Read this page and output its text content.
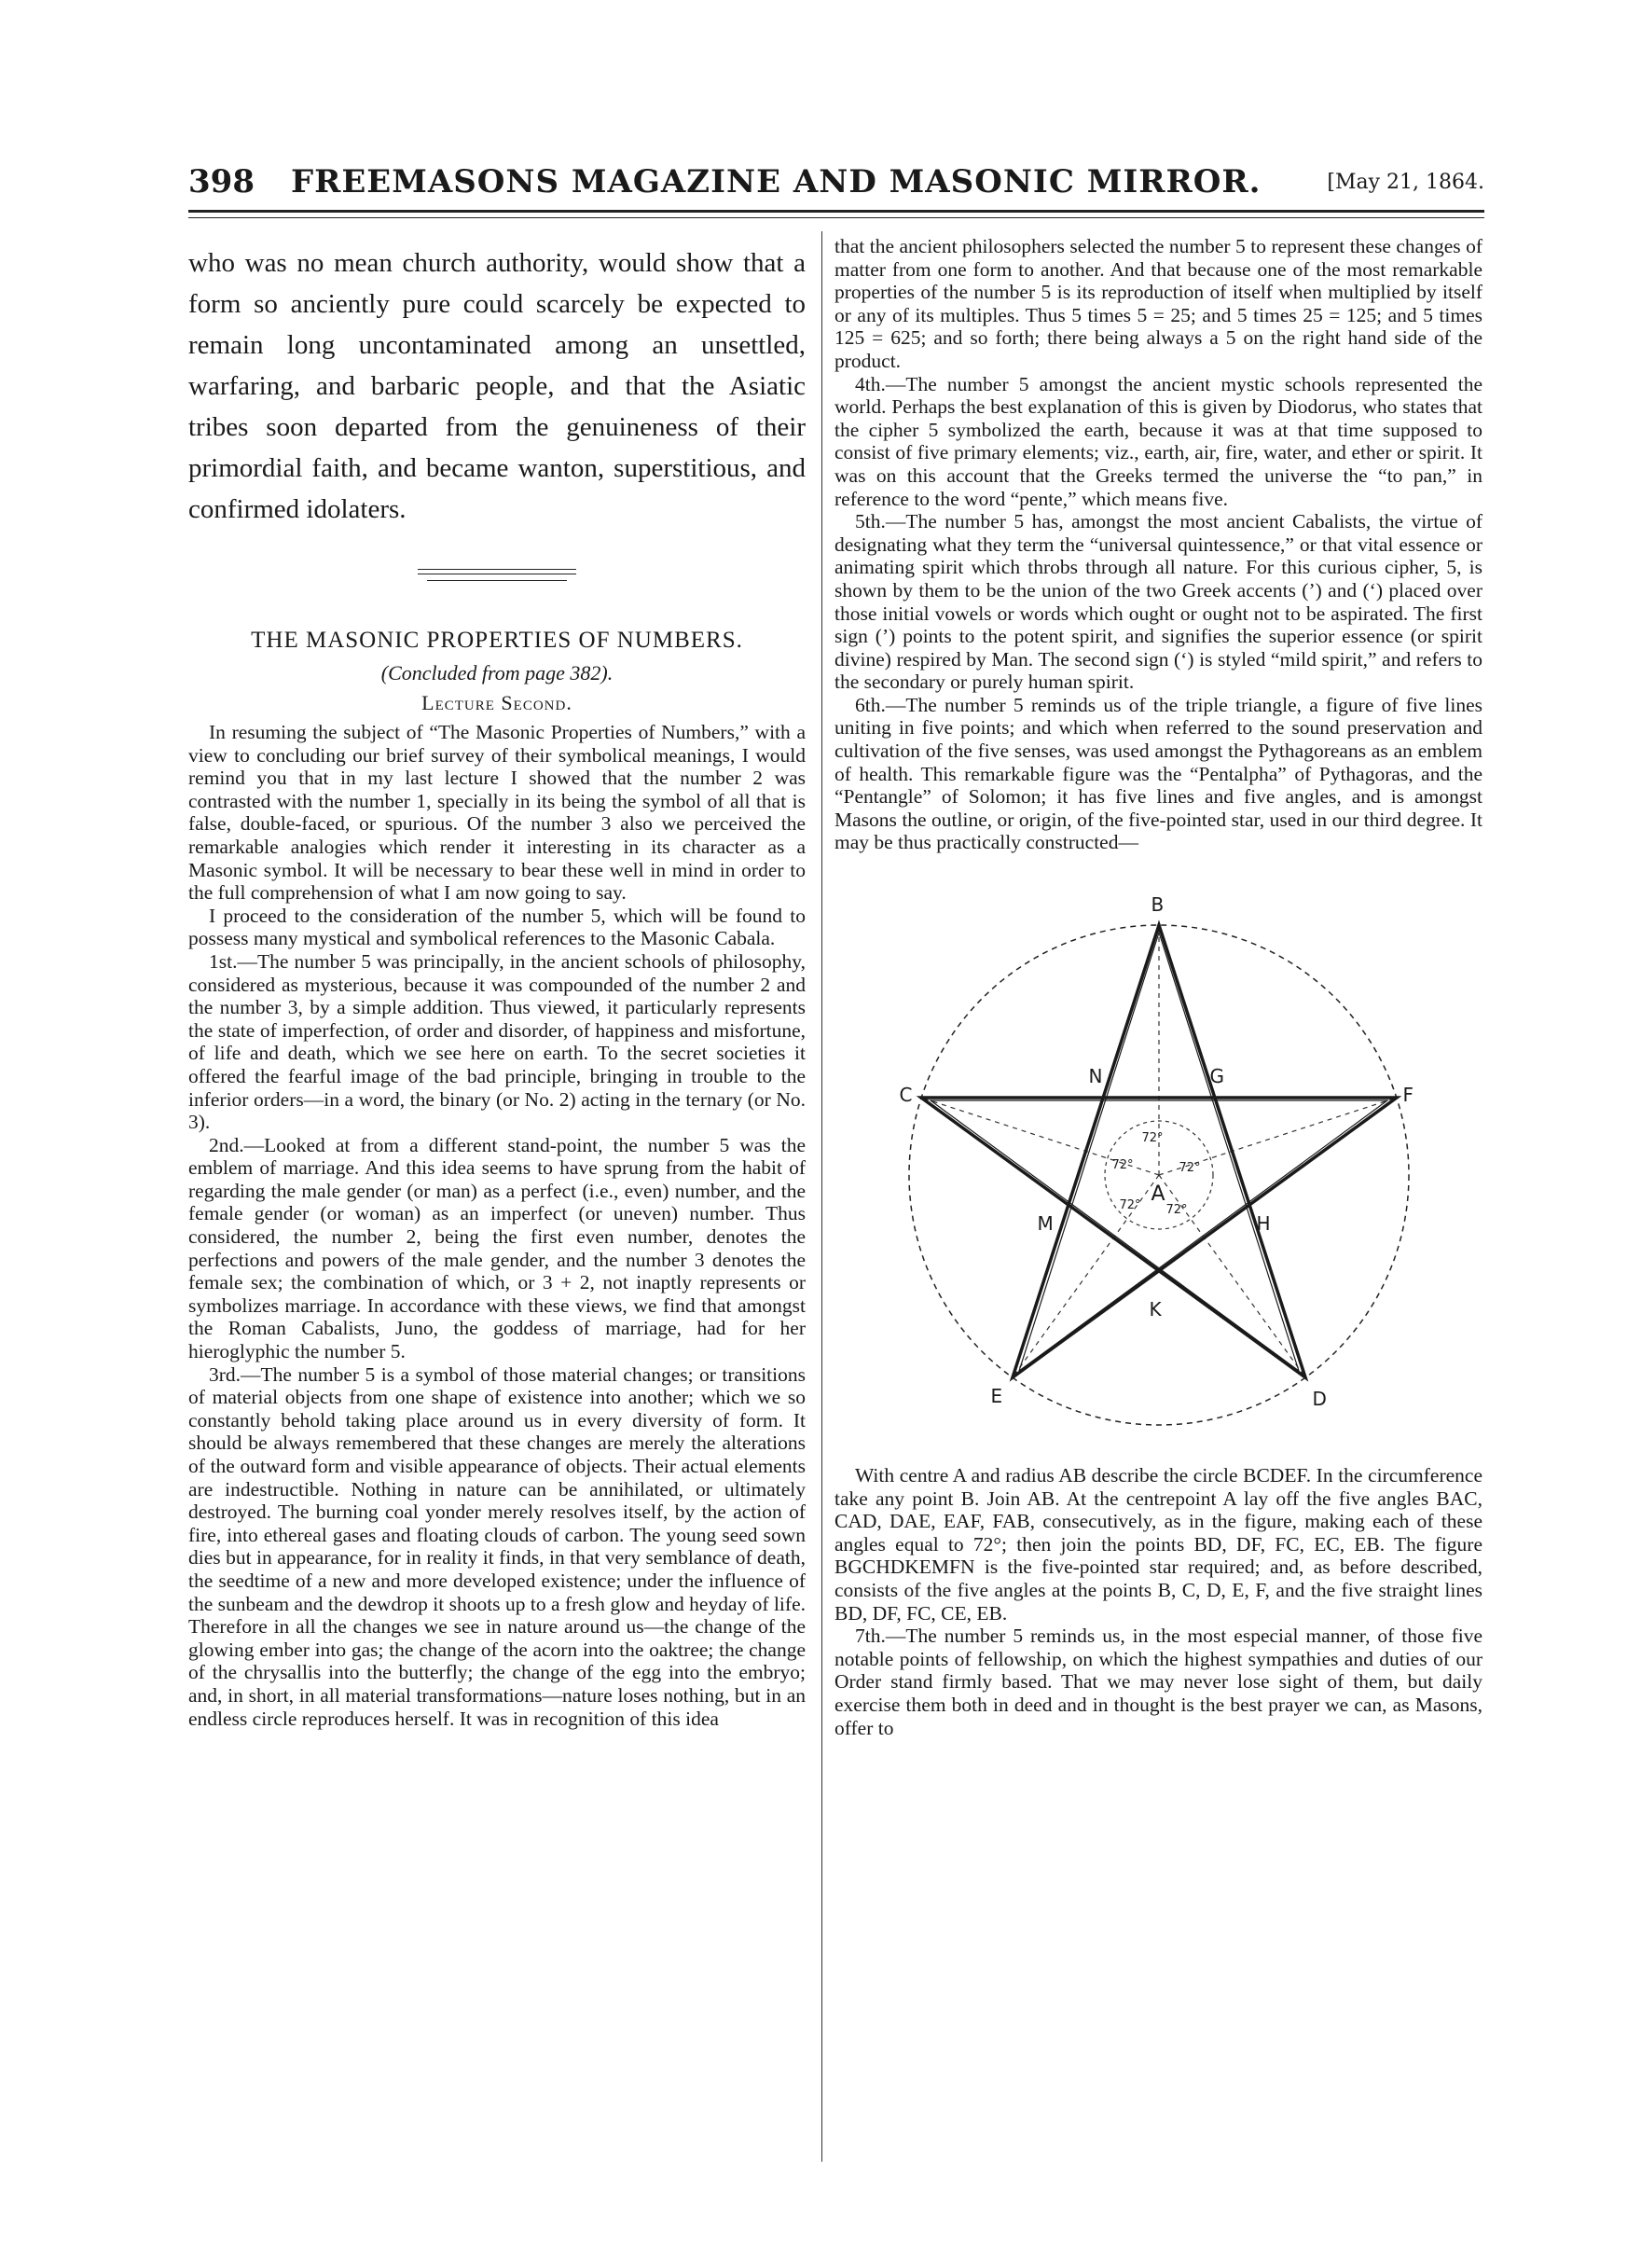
398 FREEMASONS MAGAZINE AND MASONIC MIRROR.	[May 21, 1864.

who was no mean church authority, would show that a form so anciently pure could scarcely be expected to remain long uncontaminated among an unsettled, warfaring, and barbaric people, and that the Asiatic tribes soon departed from the genuineness of their primordial faith, and became wanton, superstitious, and confirmed idolaters.

THE MASONIC PROPERTIES OF NUMBERS.
(Concluded from page 382).
Lecture Second.

In resuming the subject of “The Masonic Properties of Numbers,” with a view to concluding our brief survey of their symbolical meanings, I would remind you that in my last lecture I showed that the number 2 was contrasted with the number 1, specially in its being the symbol of all that is false, double-faced, or spurious. Of the number 3 also we perceived the remarkable analogies which render it interesting in its character as a Masonic symbol. It will be necessary to bear these well in mind in order to the full comprehension of what I am now going to say.

I proceed to the consideration of the number 5, which will be found to possess many mystical and symbolical references to the Masonic Cabala.

1st.—The number 5 was principally, in the ancient schools of philosophy, considered as mysterious, because it was compounded of the number 2 and the number 3, by a simple addition. Thus viewed, it particularly represents the state of imperfection, of order and disorder, of happiness and misfortune, of life and death, which we see here on earth. To the secret societies it offered the fearful image of the bad principle, bringing in trouble to the inferior orders—in a word, the binary (or No. 2) acting in the ternary (or No. 3).

2nd.—Looked at from a different stand-point, the number 5 was the emblem of marriage. And this idea seems to have sprung from the habit of regarding the male gender (or man) as a perfect (i.e., even) number, and the female gender (or woman) as an imperfect (or uneven) number. Thus considered, the number 2, being the first even number, denotes the perfections and powers of the male gender, and the number 3 denotes the female sex; the combination of which, or 3 + 2, not inaptly represents or symbolizes marriage. In accordance with these views, we find that amongst the Roman Cabalists, Juno, the goddess of marriage, had for her hieroglyphic the number 5.

3rd.—The number 5 is a symbol of those material changes; or transitions of material objects from one shape of existence into another; which we so constantly behold taking place around us in every diversity of form. It should be always remembered that these changes are merely the alterations of the outward form and visible appearance of objects. Their actual elements are indestructible. Nothing in nature can be annihilated, or ultimately destroyed. The burning coal yonder merely resolves itself, by the action of fire, into ethereal gases and floating clouds of carbon. The young seed sown dies but in appearance, for in reality it finds, in that very semblance of death, the seedtime of a new and more developed existence; under the influence of the sunbeam and the dewdrop it shoots up to a fresh glow and heyday of life. Therefore in all the changes we see in nature around us—the change of the glowing ember into gas; the change of the acorn into the oaktree; the change of the chrysallis into the butterfly; the change of the egg into the embryo; and, in short, in all material transformations—nature loses nothing, but in an endless circle reproduces herself. It was in recognition of this idea

that the ancient philosophers selected the number 5 to represent these changes of matter from one form to another. And that because one of the most remarkable properties of the number 5 is its reproduction of itself when multiplied by itself or any of its multiples. Thus 5 times 5 = 25; and 5 times 25 = 125; and 5 times 125 = 625; and so forth; there being always a 5 on the right hand side of the product.

4th.—The number 5 amongst the ancient mystic schools represented the world. Perhaps the best explanation of this is given by Diodorus, who states that the cipher 5 symbolized the earth, because it was at that time supposed to consist of five primary elements; viz., earth, air, fire, water, and ether or spirit. It was on this account that the Greeks termed the universe the “to pan,” in reference to the word “pente,” which means five.

5th.—The number 5 has, amongst the most ancient Cabalists, the virtue of designating what they term the “universal quintessence,” or that vital essence or animating spirit which throbs through all nature. For this curious cipher, 5, is shown by them to be the union of the two Greek accents (’) and (‘) placed over those initial vowels or words which ought or ought not to be aspirated. The first sign (’) points to the potent spirit, and signifies the superior essence (or spirit divine) respired by Man. The second sign (‘) is styled “mild spirit,” and refers to the secondary or purely human spirit.

6th.—The number 5 reminds us of the triple triangle, a figure of five lines uniting in five points; and which when referred to the sound preservation and cultivation of the five senses, was used amongst the Pythagoreans as an emblem of health. This remarkable figure was the “Pentalpha” of Pythagoras, and the “Pentangle” of Solomon; it has five lines and five angles, and is amongst Masons the outline, or origin, of the five-pointed star, used in our third degree. It may be thus practically constructed—

B
C	F
E	D
N	G
M	H
K
A
72°
72°
72°
72°
72°

With centre A and radius AB describe the circle BCDEF. In the circumference take any point B. Join AB. At the centrepoint A lay off the five angles BAC, CAD, DAE, EAF, FAB, consecutively, as in the figure, making each of these angles equal to 72°; then join the points BD, DF, FC, EC, EB. The figure BGCHDKEMFN is the five-pointed star required; and, as before described, consists of the five angles at the points B, C, D, E, F, and the five straight lines BD, DF, FC, CE, EB.

7th.—The number 5 reminds us, in the most especial manner, of those five notable points of fellowship, on which the highest sympathies and duties of our Order stand firmly based. That we may never lose sight of them, but daily exercise them both in deed and in thought is the best prayer we can, as Masons, offer to
